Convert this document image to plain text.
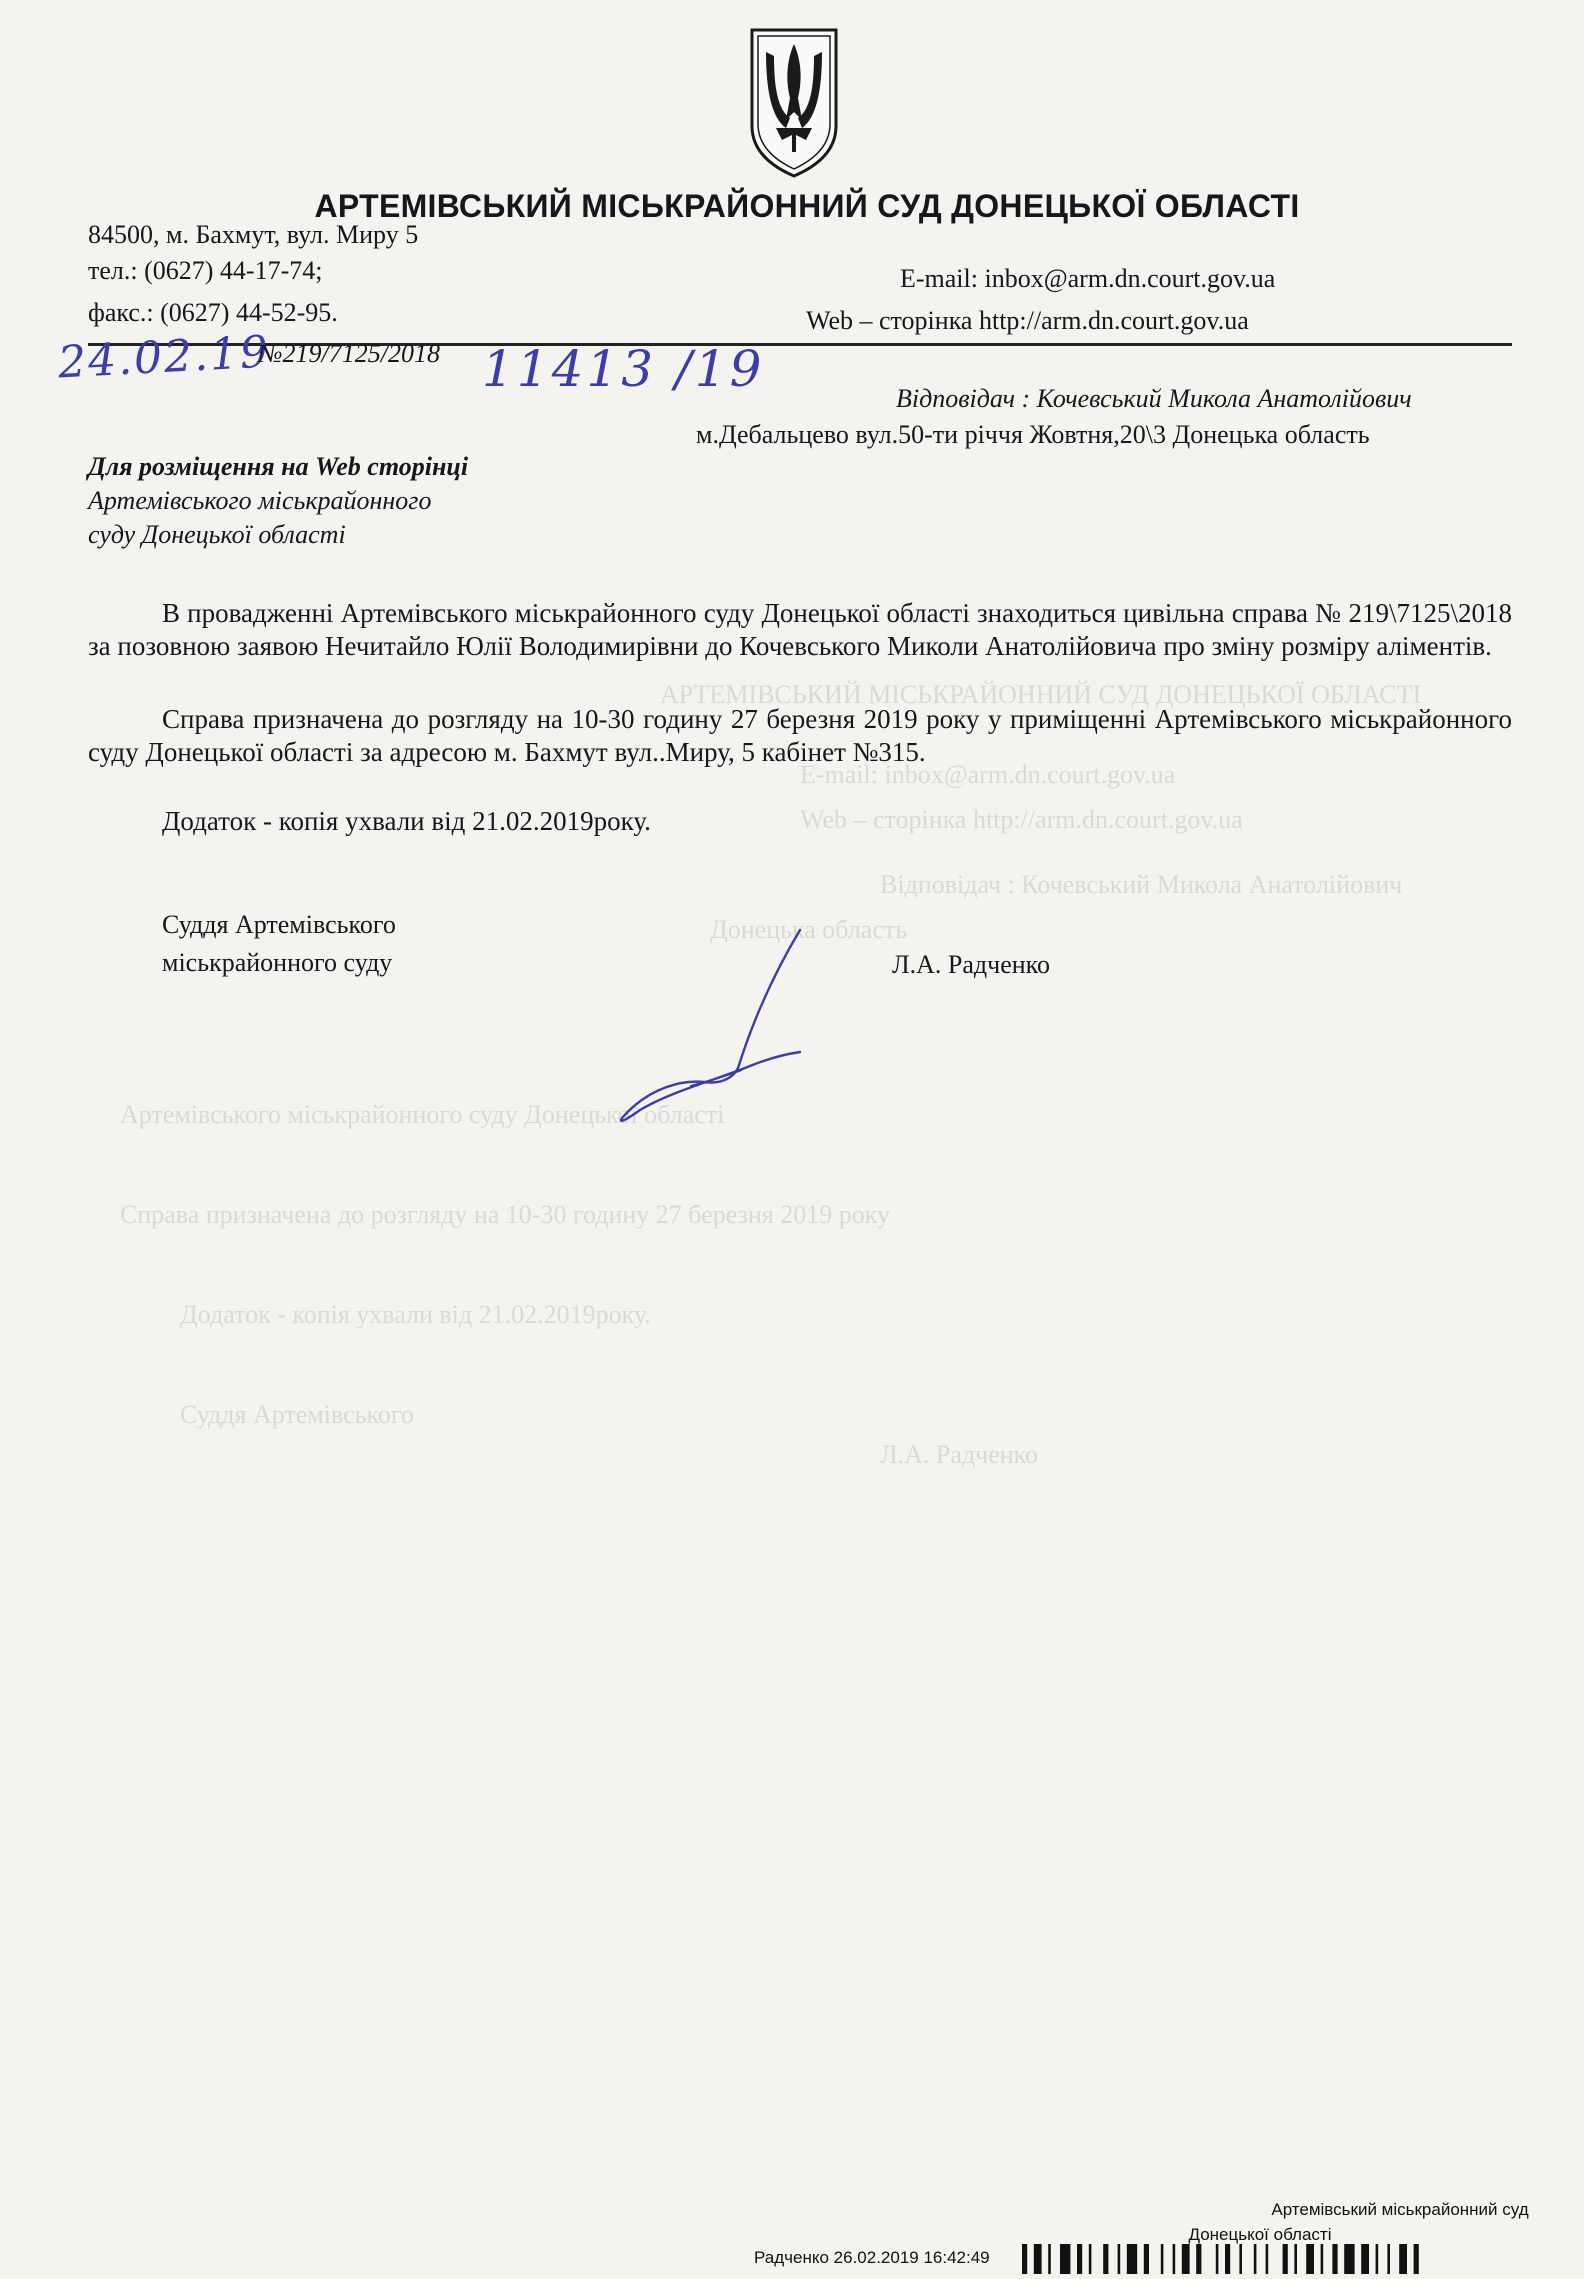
АРТЕМІВСЬКИЙ МІСЬКРАЙОННИЙ СУД ДОНЕЦЬКОЇ ОБЛАСТІ
E-mail: inbox@arm.dn.court.gov.ua
Web – сторінка http://arm.dn.court.gov.ua
Відповідач : Кочевський Микола Анатолійович
Донецька область
Артемівського міськрайонного суду Донецької області
Справа призначена до розгляду на 10-30 годину 27 березня 2019 року
Додаток - копія ухвали від 21.02.2019року.
Суддя Артемівського
Л.А. Радченко
АРТЕМІВСЬКИЙ МІСЬКРАЙОННИЙ СУД ДОНЕЦЬКОЇ ОБЛАСТІ
84500, м. Бахмут, вул. Миру 5
тел.: (0627) 44-17-74;
факс.: (0627) 44-52-95.
E-mail: inbox@arm.dn.court.gov.ua
Web – сторінка http://arm.dn.court.gov.ua
24.02.19
№219/7125/2018 11413 /19
Відповідач : Кочевський Микола Анатолійович
м.Дебальцево вул.50-ти річчя Жовтня,20\3 Донецька область
Для розміщення на Web сторінці
Артемівського міськрайонного
суду Донецької області
В провадженні Артемівського міськрайонного суду Донецької області знаходиться цивільна справа № 219\7125\2018 за позовною заявою Нечитайло Юлії Володимирівни до Кочевського Миколи Анатолійовича про зміну розміру аліментів.
Справа призначена до розгляду на 10-30 годину 27 березня 2019 року у приміщенні Артемівського міськрайонного суду Донецької області за адресою м. Бахмут вул..Миру, 5 кабінет №315.
Додаток - копія ухвали від 21.02.2019року.
Суддя Артемівського
міськрайонного суду	Л.А. Радченко
Артемівський міськрайонний суд
Донецької області
Радченко 26.02.2019 16:42:49
